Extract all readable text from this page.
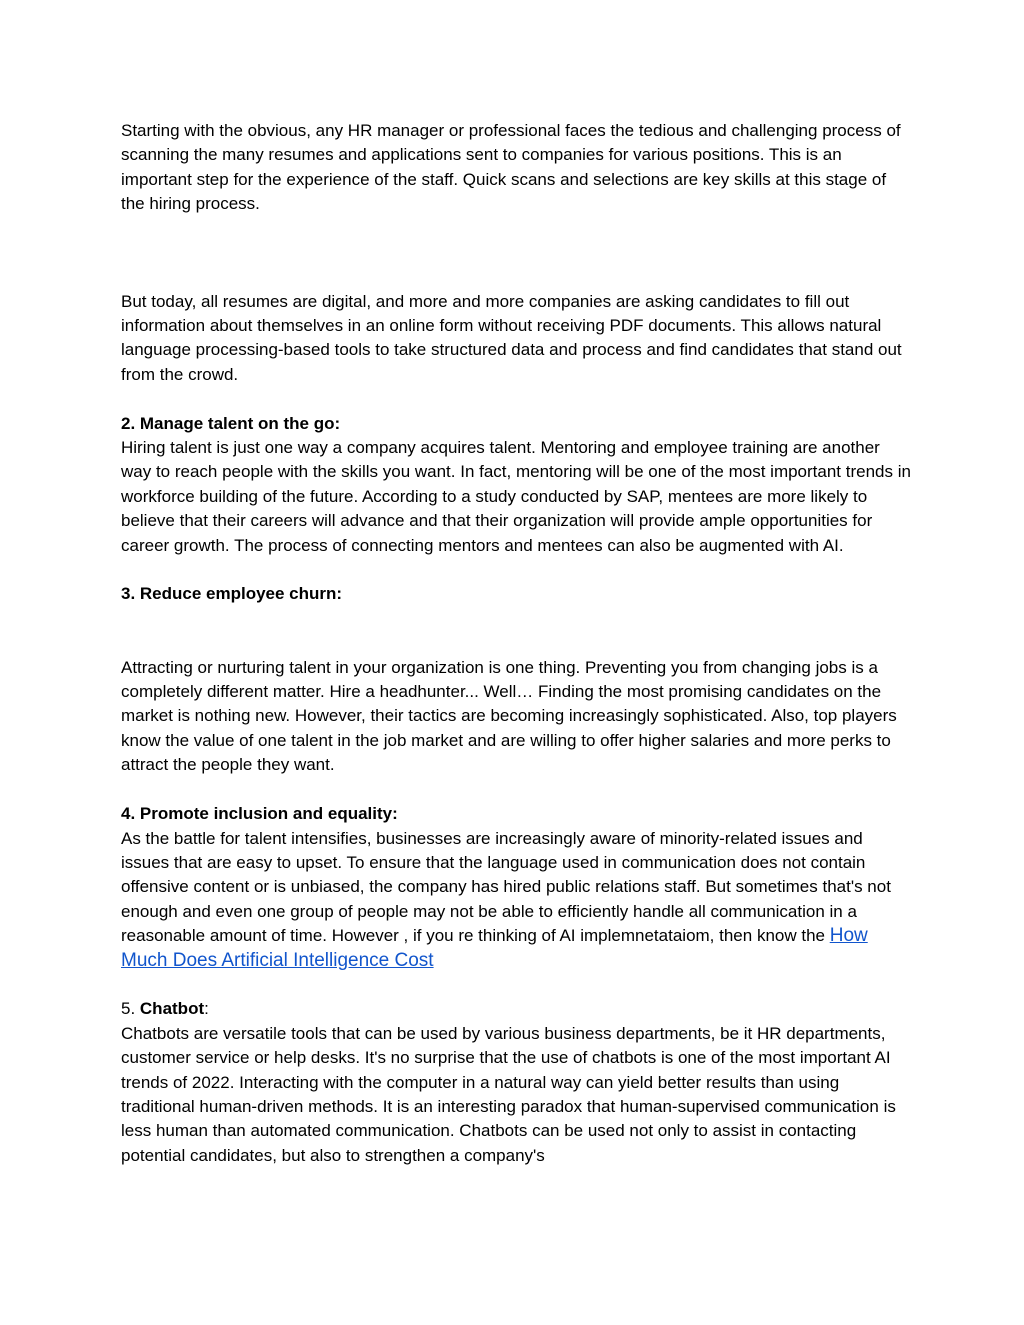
Starting with the obvious, any HR manager or professional faces the tedious and challenging process of scanning the many resumes and applications sent to companies for various positions. This is an important step for the experience of the staff. Quick scans and selections are key skills at this stage of the hiring process.

But today, all resumes are digital, and more and more companies are asking candidates to fill out information about themselves in an online form without receiving PDF documents. This allows natural language processing-based tools to take structured data and process and find candidates that stand out from the crowd.

2. Manage talent on the go:

Hiring talent is just one way a company acquires talent. Mentoring and employee training are another way to reach people with the skills you want. In fact, mentoring will be one of the most important trends in workforce building of the future. According to a study conducted by SAP, mentees are more likely to believe that their careers will advance and that their organization will provide ample opportunities for career growth. The process of connecting mentors and mentees can also be augmented with AI.

3. Reduce employee churn:

Attracting or nurturing talent in your organization is one thing. Preventing you from changing jobs is a completely different matter. Hire a headhunter... Well… Finding the most promising candidates on the market is nothing new. However, their tactics are becoming increasingly sophisticated. Also, top players know the value of one talent in the job market and are willing to offer higher salaries and more perks to attract the people they want.

4. Promote inclusion and equality:

As the battle for talent intensifies, businesses are increasingly aware of minority-related issues and issues that are easy to upset. To ensure that the language used in communication does not contain offensive content or is unbiased, the company has hired public relations staff. But sometimes that's not enough and even one group of people may not be able to efficiently handle all communication in a reasonable amount of time. However , if you re thinking of AI implemnetataiom, then know the How Much Does Artificial Intelligence Cost

5. Chatbot:

Chatbots are versatile tools that can be used by various business departments, be it HR departments, customer service or help desks. It's no surprise that the use of chatbots is one of the most important AI trends of 2022. Interacting with the computer in a natural way can yield better results than using traditional human-driven methods. It is an interesting paradox that human-supervised communication is less human than automated communication. Chatbots can be used not only to assist in contacting potential candidates, but also to strengthen a company's
